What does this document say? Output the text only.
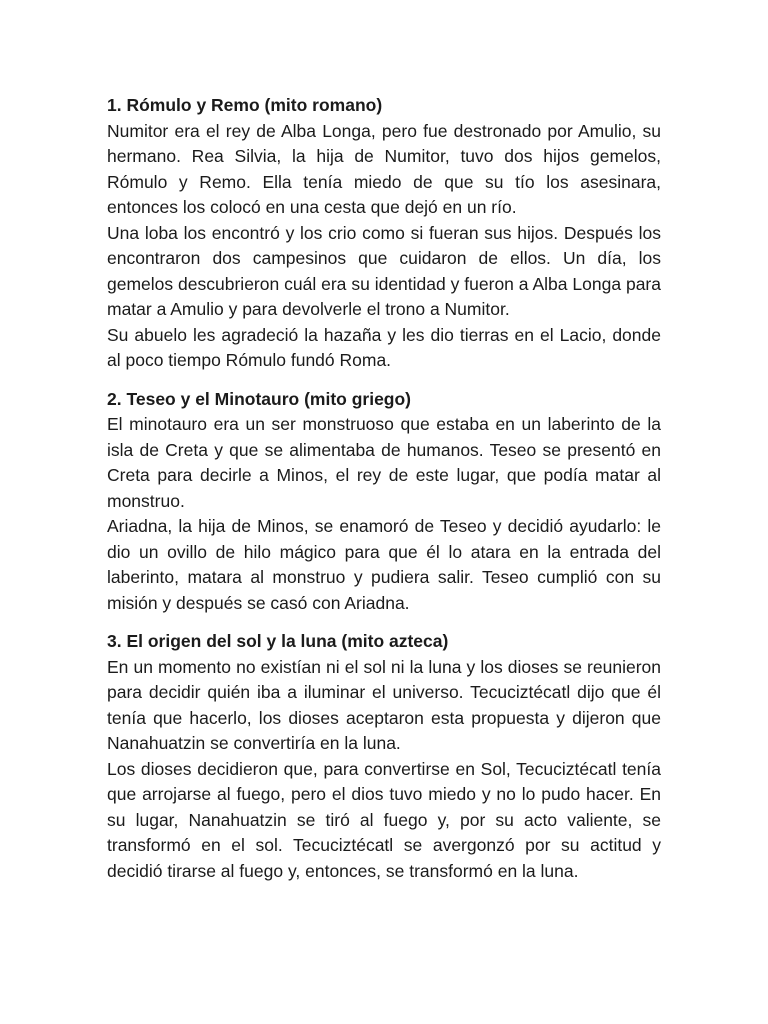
1. Rómulo y Remo (mito romano)

Numitor era el rey de Alba Longa, pero fue destronado por Amulio, su hermano. Rea Silvia, la hija de Numitor, tuvo dos hijos gemelos, Rómulo y Remo. Ella tenía miedo de que su tío los asesinara, entonces los colocó en una cesta que dejó en un río.

Una loba los encontró y los crio como si fueran sus hijos. Después los encontraron dos campesinos que cuidaron de ellos. Un día, los gemelos descubrieron cuál era su identidad y fueron a Alba Longa para matar a Amulio y para devolverle el trono a Numitor.

Su abuelo les agradeció la hazaña y les dio tierras en el Lacio, donde al poco tiempo Rómulo fundó Roma.

2. Teseo y el Minotauro (mito griego)

El minotauro era un ser monstruoso que estaba en un laberinto de la isla de Creta y que se alimentaba de humanos. Teseo se presentó en Creta para decirle a Minos, el rey de este lugar, que podía matar al monstruo.

Ariadna, la hija de Minos, se enamoró de Teseo y decidió ayudarlo: le dio un ovillo de hilo mágico para que él lo atara en la entrada del laberinto, matara al monstruo y pudiera salir. Teseo cumplió con su misión y después se casó con Ariadna.

3. El origen del sol y la luna (mito azteca)

En un momento no existían ni el sol ni la luna y los dioses se reunieron para decidir quién iba a iluminar el universo. Tecuciztécatl dijo que él tenía que hacerlo, los dioses aceptaron esta propuesta y dijeron que Nanahuatzin se convertiría en la luna.

Los dioses decidieron que, para convertirse en Sol, Tecuciztécatl tenía que arrojarse al fuego, pero el dios tuvo miedo y no lo pudo hacer. En su lugar, Nanahuatzin se tiró al fuego y, por su acto valiente, se transformó en el sol. Tecuciztécatl se avergonzó por su actitud y decidió tirarse al fuego y, entonces, se transformó en la luna.
